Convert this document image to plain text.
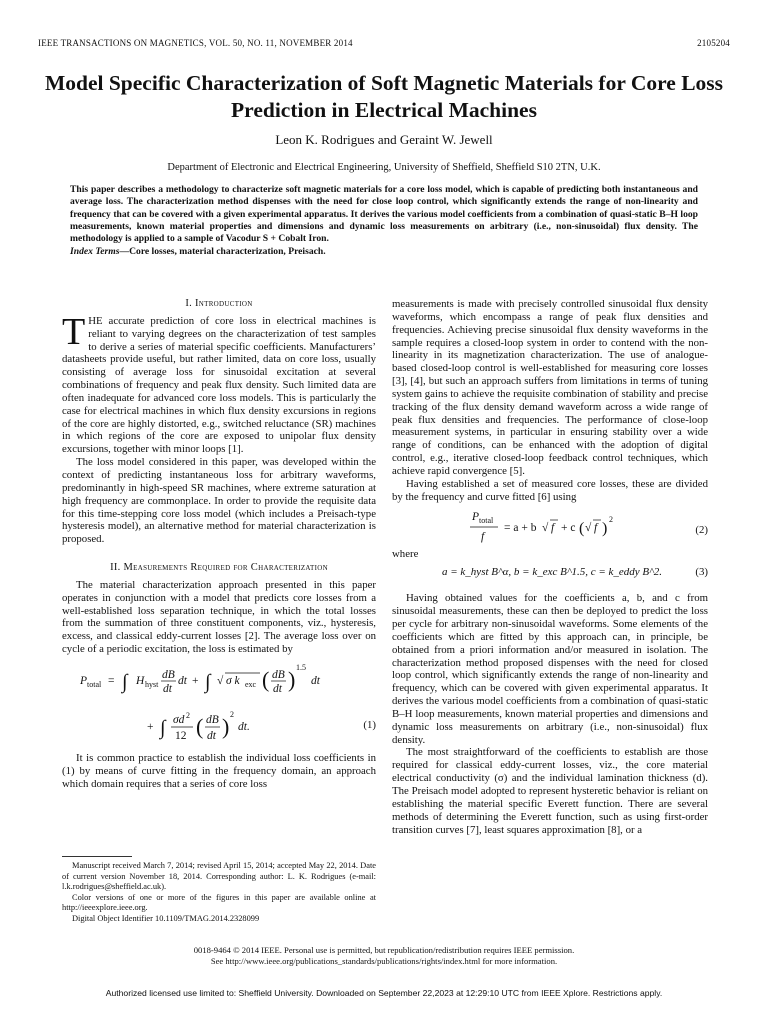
IEEE TRANSACTIONS ON MAGNETICS, VOL. 50, NO. 11, NOVEMBER 2014	2105204
Model Specific Characterization of Soft Magnetic Materials for Core Loss Prediction in Electrical Machines
Leon K. Rodrigues and Geraint W. Jewell
Department of Electronic and Electrical Engineering, University of Sheffield, Sheffield S10 2TN, U.K.
This paper describes a methodology to characterize soft magnetic materials for a core loss model, which is capable of predicting both instantaneous and average loss. The characterization method dispenses with the need for close loop control, which significantly extends the range of non-linearity and frequency that can be covered with a given experimental apparatus. It derives the various model coefficients from a combination of quasi-static B–H loop measurements, known material properties and dimensions and dynamic loss measurements on arbitrary (i.e., non-sinusoidal) flux density. The methodology is applied to a sample of Vacodur S + Cobalt Iron.
Index Terms—Core losses, material characterization, Preisach.
I. Introduction

THE accurate prediction of core loss in electrical machines is reliant to varying degrees on the characterization of test samples to derive a series of material specific coefficients. Manufacturers’ datasheets provide useful, but rather limited, data on core loss, usually consisting of average loss for sinusoidal excitation at several combinations of frequency and peak flux density. Such limited data are often inadequate for advanced core loss models. This is particularly the case for electrical machines in which flux density excursions in regions of the core are highly distorted, e.g., switched reluctance (SR) machines in which regions of the core are exposed to unipolar flux density excursions, together with minor loops [1].

The loss model considered in this paper, was developed within the context of predicting instantaneous loss for arbitrary waveforms, predominantly in high-speed SR machines, where extreme saturation at high frequency are commonplace. In order to provide the requisite data for this time-stepping core loss model (which includes a Preisach-type hysteresis model), an alternative method for material characterization is proposed.

II. Measurements Required for Characterization

The material characterization approach presented in this paper operates in conjunction with a model that predicts core losses from a well-established loss separation technique, in which the total losses from the summation of three constituent components, viz., hysteresis, excess, and classical eddy-current losses [2]. The average loss over on cycle of a periodic excitation, the loss is estimated by

P total = ∫ H hyst
dB
dt
dt + ∫ √ σ k exc ( dB
dt ) 1.5
dt
+ ∫ σd 2
12 ( dB
dt ) 2
dt.	(1)

It is common practice to establish the individual loss coefficients in (1) by means of curve fitting in the frequency domain, an approach which domain requires that a series of core loss

Manuscript received March 7, 2014; revised April 15, 2014; accepted May 22, 2014. Date of current version November 18, 2014. Corresponding author: L. K. Rodrigues (e-mail: l.k.rodrigues@sheffield.ac.uk).

Color versions of one or more of the figures in this paper are available online at http://ieeexplore.ieee.org.

Digital Object Identifier 10.1109/TMAG.2014.2328099

measurements is made with precisely controlled sinusoidal flux density waveforms, which encompass a range of peak flux densities and frequencies. Achieving precise sinusoidal flux density waveforms in the sample requires a closed-loop system in order to contend with the non-linearity in its magnetization characterization. The use of analogue-based closed-loop control is well-established for measuring core losses [3], [4], but such an approach suffers from limitations in terms of tuning system gains to achieve the requisite combination of stability and precise tracking of the flux density demand waveform across a wide range of peak flux densities and frequencies. The performance of close-loop measurement systems, in particular in ensuring stability over a wide range of conditions, can be enhanced with the adoption of digital control, e.g., iterative closed-loop feedback control techniques, which achieve rapid convergence [5].

Having established a set of measured core losses, these are divided by the frequency and curve fitted [6] using

P total
f
= a + b √ f + c ( √ f )
2
(2)

where

a = k_hyst B^α, b = k_exc B^1.5, c = k_eddy B^2.	(3)

Having obtained values for the coefficients a, b, and c from sinusoidal measurements, these can then be deployed to predict the loss per cycle for arbitrary non-sinusoidal waveforms. Some elements of the coefficients which are fitted by this approach can, in principle, be obtained from a priori information and/or measured in isolation. The characterization method proposed dispenses with the need for closed loop control, which significantly extends the range of non-linearity and frequency, which can be covered with given experimental apparatus. It derives the various model coefficients from a combination of quasi-static B–H loop measurements, known material properties and dimensions and dynamic loss measurements on arbitrary (i.e., non-sinusoidal) flux density.

The most straightforward of the coefficients to establish are those required for classical eddy-current losses, viz., the core material electrical conductivity (σ) and the individual lamination thickness (d). The Preisach model adopted to represent hysteretic behavior is reliant on establishing the material specific Everett function. There are several methods of determining the Everett function, such as using first-order transition curves [7], least squares approximation [8], or a

0018-9464 © 2014 IEEE. Personal use is permitted, but republication/redistribution requires IEEE permission.
See http://www.ieee.org/publications_standards/publications/rights/index.html for more information.
Authorized licensed use limited to: Sheffield University. Downloaded on September 22,2023 at 12:29:10 UTC from IEEE Xplore. Restrictions apply.
